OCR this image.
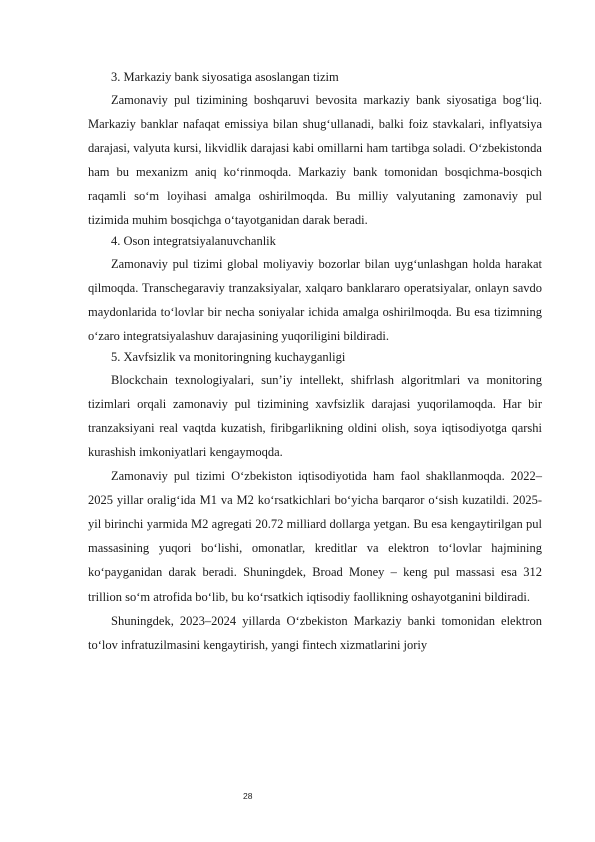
3. Markaziy bank siyosatiga asoslangan tizim

Zamonaviy pul tizimining boshqaruvi bevosita markaziy bank siyosatiga bog‘liq. Markaziy banklar nafaqat emissiya bilan shug‘ullanadi, balki foiz stavkalari, inflyatsiya darajasi, valyuta kursi, likvidlik darajasi kabi omillarni ham tartibga soladi. O‘zbekistonda ham bu mexanizm aniq ko‘rinmoqda. Markaziy bank tomonidan bosqichma-bosqich raqamli so‘m loyihasi amalga oshirilmoqda. Bu milliy valyutaning zamonaviy pul tizimida muhim bosqichga o‘tayotganidan darak beradi.

4. Oson integratsiyalanuvchanlik

Zamonaviy pul tizimi global moliyaviy bozorlar bilan uyg‘unlashgan holda harakat qilmoqda. Transchegaraviy tranzaksiyalar, xalqaro banklararo operatsiyalar, onlayn savdo maydonlarida to‘lovlar bir necha soniyalar ichida amalga oshirilmoqda. Bu esa tizimning o‘zaro integratsiyalashuv darajasining yuqoriligini bildiradi.

5. Xavfsizlik va monitoringning kuchayganligi

Blockchain texnologiyalari, sun’iy intellekt, shifrlash algoritmlari va monitoring tizimlari orqali zamonaviy pul tizimining xavfsizlik darajasi yuqorilamoqda. Har bir tranzaksiyani real vaqtda kuzatish, firibgarlikning oldini olish, soya iqtisodiyotga qarshi kurashish imkoniyatlari kengaymoqda.

Zamonaviy pul tizimi O‘zbekiston iqtisodiyotida ham faol shakllanmoqda. 2022–2025 yillar oralig‘ida M1 va M2 ko‘rsatkichlari bo‘yicha barqaror o‘sish kuzatildi. 2025-yil birinchi yarmida M2 agregati 20.72 milliard dollarga yetgan. Bu esa kengaytirilgan pul massasining yuqori bo‘lishi, omonatlar, kreditlar va elektron to‘lovlar hajmining ko‘payganidan darak beradi. Shuningdek, Broad Money – keng pul massasi esa 312 trillion so‘m atrofida bo‘lib, bu ko‘rsatkich iqtisodiy faollikning oshayotganini bildiradi.

Shuningdek, 2023–2024 yillarda O‘zbekiston Markaziy banki tomonidan elektron to‘lov infratuzilmasini kengaytirish, yangi fintech xizmatlarini joriy

28
